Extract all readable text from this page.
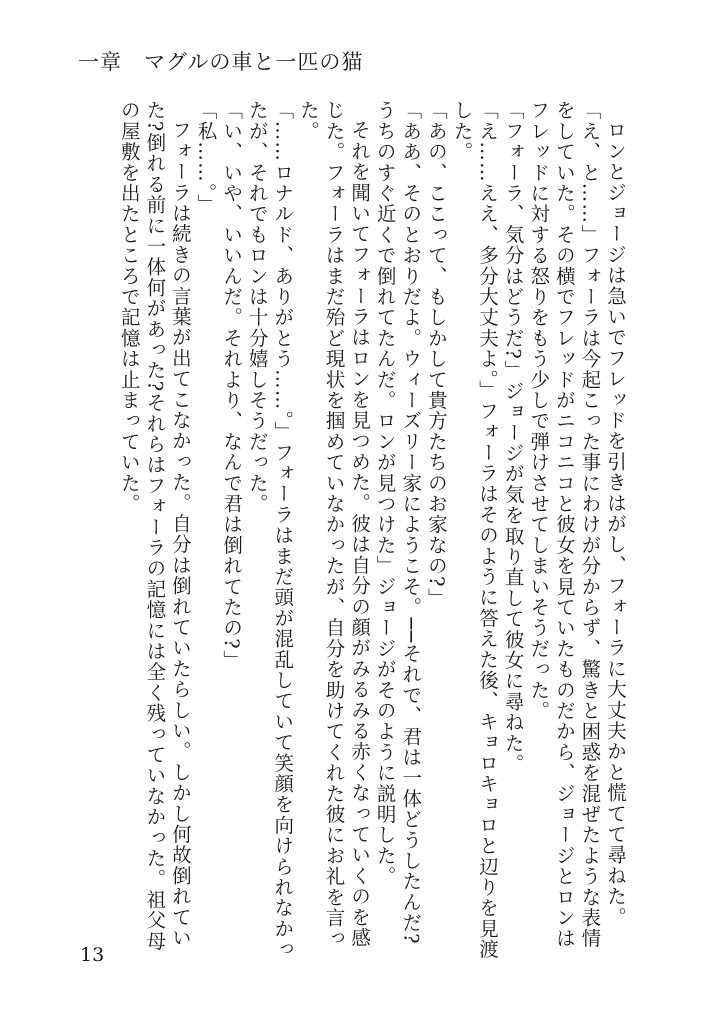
一章 マグルの車と一匹の猫

ロンとジョージは急いでフレッドを引きはがし、フォーラに大丈夫かと慌てて尋ねた。

「え、と……」フォーラは今起こった事にわけが分からず、驚きと困惑を混ぜたような表情をしていた。その横でフレッドがニコニコと彼女を見ていたものだから、ジョージとロンはフレッドに対する怒りをもう少しで弾けさせてしまいそうだった。

「フォーラ、気分はどうだ?」ジョージが気を取り直して彼女に尋ねた。

「え……ええ、多分大丈夫よ。」フォーラはそのように答えた後、キョロキョロと辺りを見渡した。

「あの、ここって、もしかして貴方たちのお家なの?」

「ああ、そのとおりだよ。ウィーズリー家にようこそ。──それで、君は一体どうしたんだ?うちのすぐ近くで倒れてたんだ。ロンが見つけた」ジョージがそのように説明した。

それを聞いてフォーラはロンを見つめた。彼は自分の顔がみるみる赤くなっていくのを感じた。フォーラはまだ殆ど現状を掴めていなかったが、自分を助けてくれた彼にお礼を言った。

「……ロナルド、ありがとう……。」フォーラはまだ頭が混乱していて笑顔を向けられなかったが、それでもロンは十分嬉しそうだった。

「い、いや、いいんだ。それより、なんで君は倒れてたの?」

「私……。」

フォーラは続きの言葉が出てこなかった。自分は倒れていたらしい。しかし何故倒れていた?倒れる前に一体何があった?それらはフォーラの記憶には全く残っていなかった。祖父母の屋敷を出たところで記憶は止まっていた。

13
